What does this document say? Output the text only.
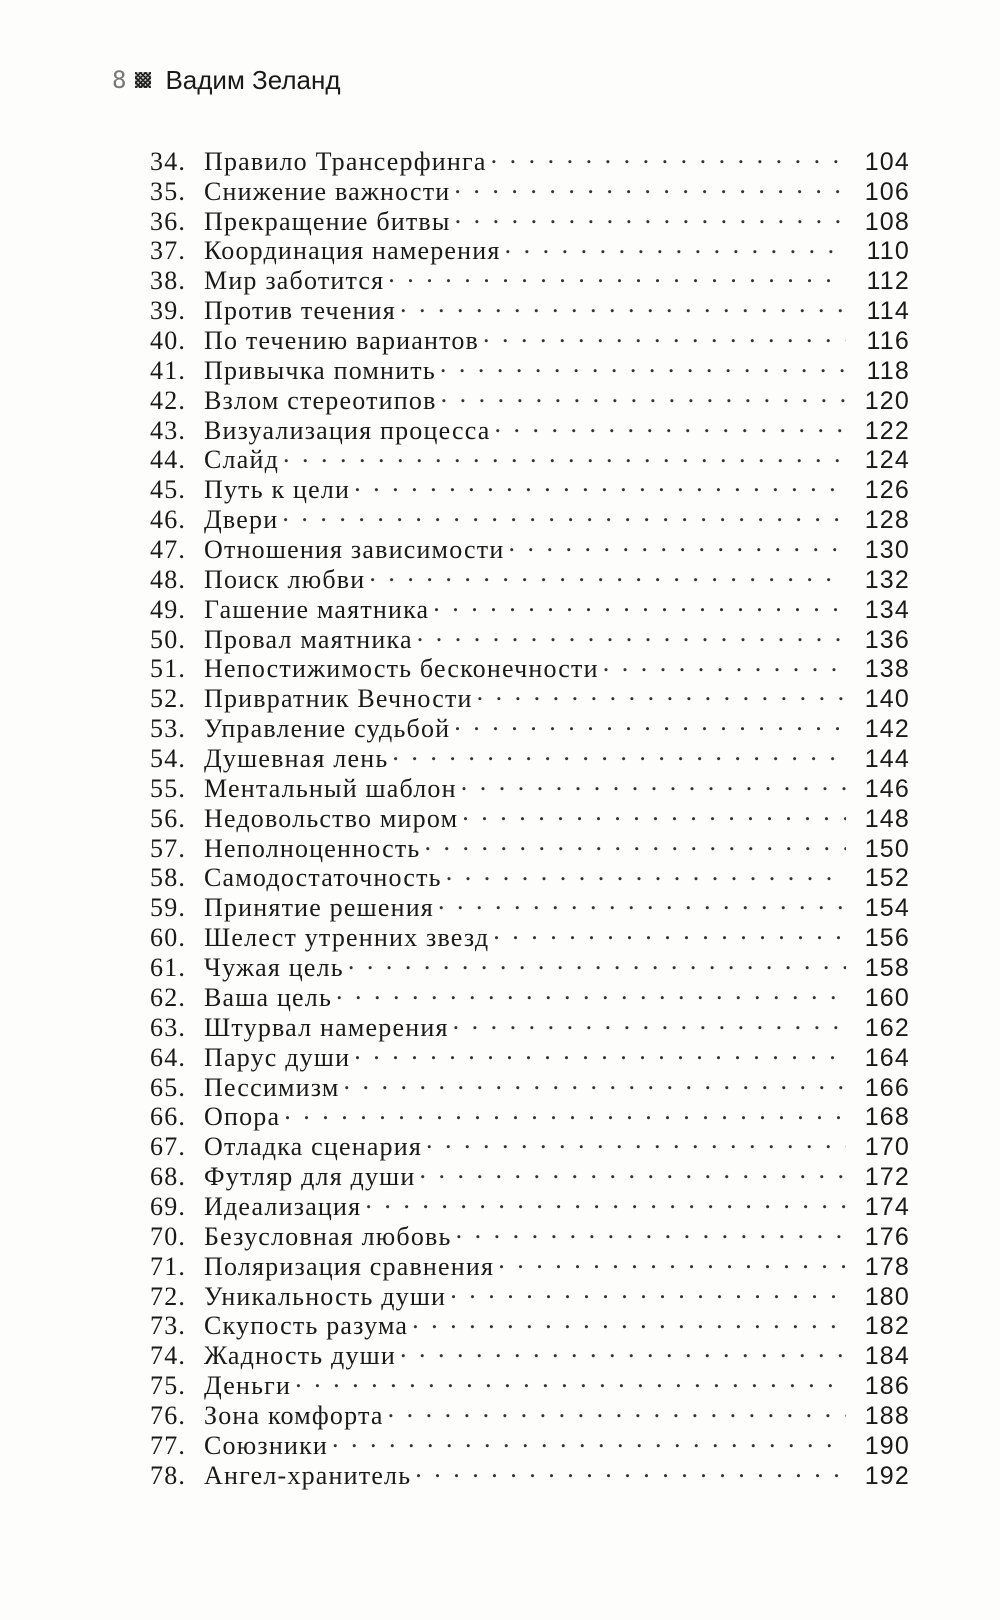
8 Вадим Зеланд
34. Правило Трансерфинга . . .	104
35. Снижение важности . . .	106
36. Прекращение битвы . . .	108
37. Координация намерения . . .	110
38. Мир заботится . . .	112
39. Против течения . . .	114
40. По течению вариантов . . .	116
41. Привычка помнить . . .	118
42. Взлом стереотипов . . .	120
43. Визуализация процесса . . .	122
44. Слайд . . .	124
45. Путь к цели . . .	126
46. Двери . . .	128
47. Отношения зависимости . . .	130
48. Поиск любви . . .	132
49. Гашение маятника . . .	134
50. Провал маятника . . .	136
51. Непостижимость бесконечности . . .	138
52. Привратник Вечности . . .	140
53. Управление судьбой . . .	142
54. Душевная лень . . .	144
55. Ментальный шаблон . . .	146
56. Недовольство миром . . .	148
57. Неполноценность . . .	150
58. Самодостаточность . . .	152
59. Принятие решения . . .	154
60. Шелест утренних звезд . . .	156
61. Чужая цель . . .	158
62. Ваша цель . . .	160
63. Штурвал намерения . . .	162
64. Парус души . . .	164
65. Пессимизм . . .	166
66. Опора . . .	168
67. Отладка сценария . . .	170
68. Футляр для души . . .	172
69. Идеализация . . .	174
70. Безусловная любовь . . .	176
71. Поляризация сравнения . . .	178
72. Уникальность души . . .	180
73. Скупость разума . . .	182
74. Жадность души . . .	184
75. Деньги . . .	186
76. Зона комфорта . . .	188
77. Союзники . . .	190
78. Ангел-хранитель . . .	192
